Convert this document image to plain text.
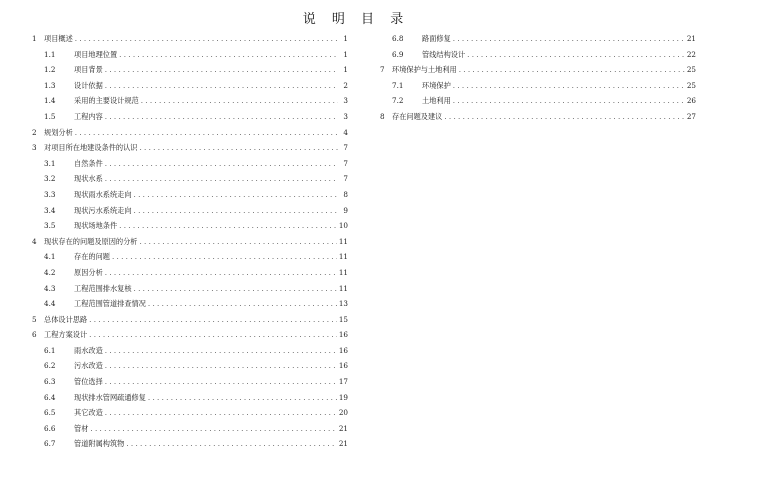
说 明 目 录
1	项目概述 . . .	1
1.1	项目地理位置 . . .	1
1.2	项目背景 . . .	1
1.3	设计依据 . . .	2
1.4	采用的主要设计规范 . . .	3
1.5	工程内容 . . .	3
2	规划分析 . . .	4
3	对项目所在地建设条件的认识 . . .	7
3.1	自然条件 . . .	7
3.2	现状水系 . . .	7
3.3	现状雨水系统走向 . . .	8
3.4	现状污水系统走向 . . .	9
3.5	现状场地条件 . . .	10
4	现状存在的问题及原因的分析 . . .	11
4.1	存在的问题 . . .	11
4.2	原因分析 . . .	11
4.3	工程范围排水复核 . . .	11
4.4	工程范围管道排查情况 . . .	13
5	总体设计思路 . . .	15
6	工程方案设计 . . .	16
6.1	雨水改造 . . .	16
6.2	污水改造 . . .	16
6.3	管位选择 . . .	17
6.4	现状排水管网疏通修复 . . .	19
6.5	其它改造 . . .	20
6.6	管材 . . .	21
6.7	管道附属构筑物 . . .	21
6.8	路面修复 . . .	21
6.9	管线结构设计 . . .	22
7	环境保护与土地利用 . . .	25
7.1	环境保护 . . .	25
7.2	土地利用 . . .	26
8	存在问题及建议 . . .	27
